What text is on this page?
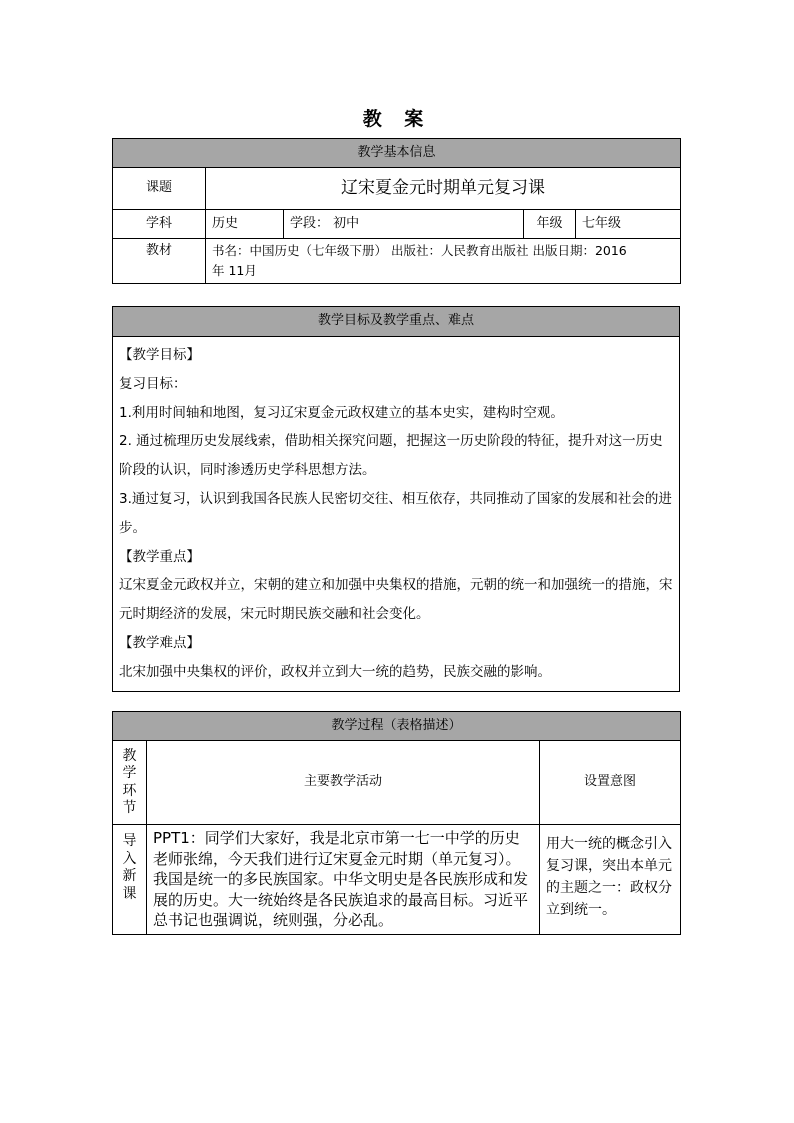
教 案
教学基本信息				
课题	辽宋夏金元时期单元复习课			
学科	历史	学段： 初中	年级	七年级
教材	书名：中国历史（七年级下册） 出版社：人民教育出版社 出版日期：2016
年 11月			
教学目标及教学重点、难点

【教学目标】

复习目标：

1.利用时间轴和地图，复习辽宋夏金元政权建立的基本史实，建构时空观。

2. 通过梳理历史发展线索，借助相关探究问题，把握这一历史阶段的特征，提升对这一历史阶段的认识，同时渗透历史学科思想方法。

3.通过复习，认识到我国各民族人民密切交往、相互依存，共同推动了国家的发展和社会的进步。

【教学重点】

辽宋夏金元政权并立，宋朝的建立和加强中央集权的措施，元朝的统一和加强统一的措施，宋元时期经济的发展，宋元时期民族交融和社会变化。

【教学难点】

北宋加强中央集权的评价，政权并立到大一统的趋势，民族交融的影响。

教学过程（表格描述）		

教学环节	主要教学活动	设置意图

导入新课	PPT1：同学们大家好，我是北京市第一七一中学的历史老师张绵，今天我们进行辽宋夏金元时期（单元复习）。我国是统一的多民族国家。中华文明史是各民族形成和发展的历史。大一统始终是各民族追求的最高目标。习近平总书记也强调说，统则强，分必乱。	用大一统的概念引入复习课，突出本单元的主题之一：政权分立到统一。
